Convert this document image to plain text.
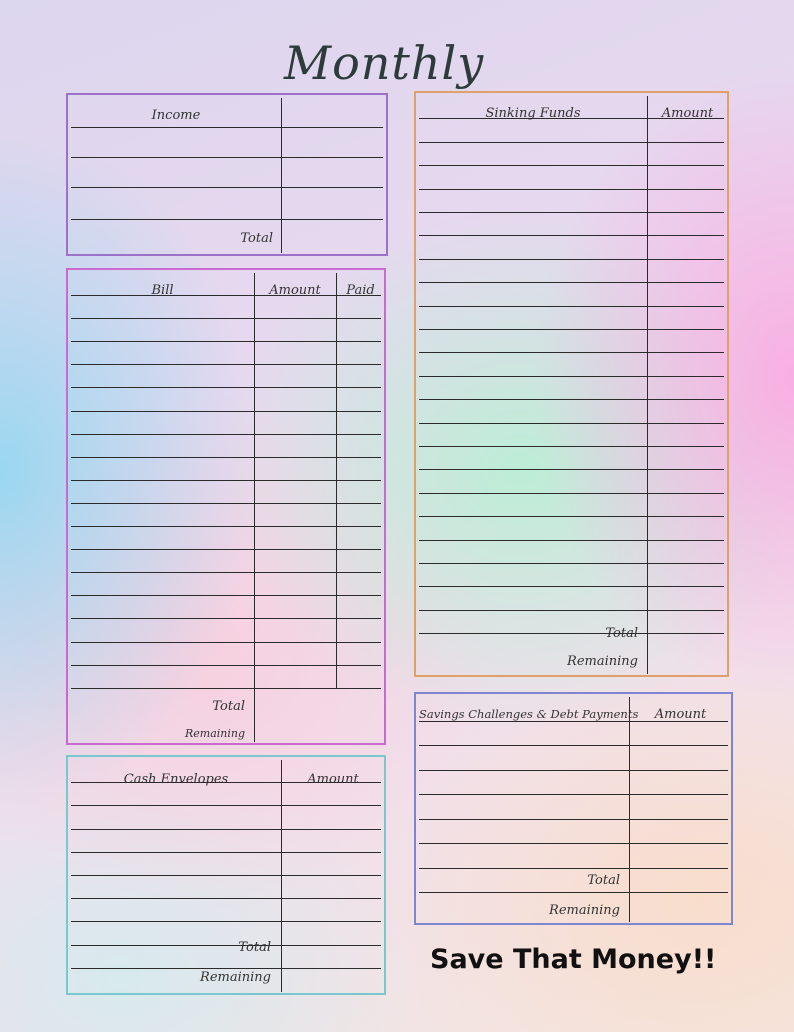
Monthly
Income
Total
Bill	Amount	Paid
Total
Remaining
Cash Envelopes	Amount
Total
Remaining
Sinking Funds	Amount
Total
Remaining
Savings Challenges & Debt Payments	Amount
Total
Remaining
Save That Money!!
